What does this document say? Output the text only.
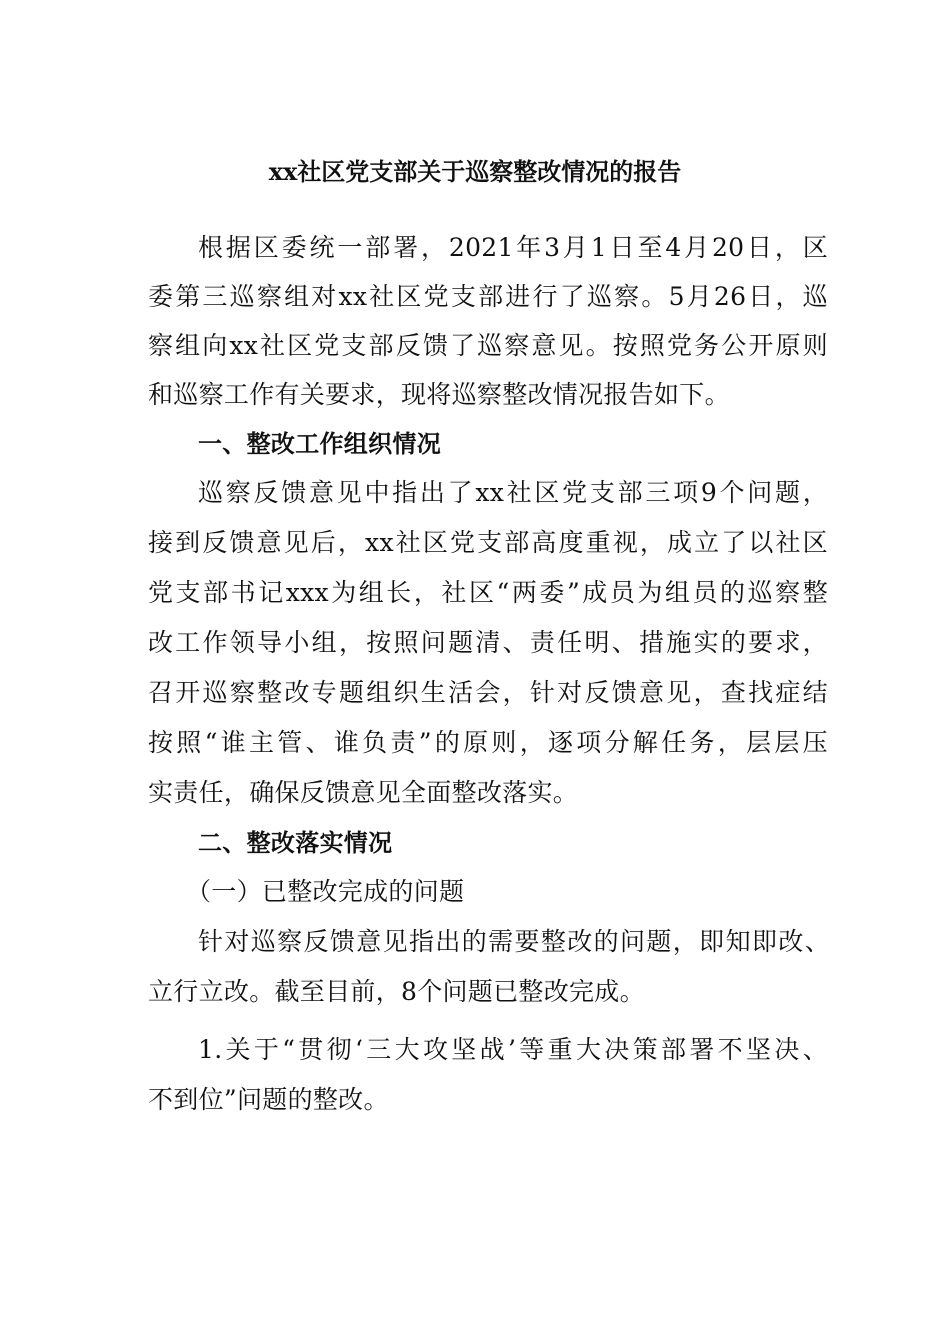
xx社区党支部关于巡察整改情况的报告
根据区委统一部署，2021年3月1日至4月20日，区
委第三巡察组对xx社区党支部进行了巡察。5月26日，巡
察组向xx社区党支部反馈了巡察意见。按照党务公开原则
和巡察工作有关要求，现将巡察整改情况报告如下。
一、整改工作组织情况
巡察反馈意见中指出了xx社区党支部三项9个问题，
接到反馈意见后，xx社区党支部高度重视，成立了以社区
党支部书记xxx为组长，社区“两委”成员为组员的巡察整
改工作领导小组，按照问题清、责任明、措施实的要求，
召开巡察整改专题组织生活会，针对反馈意见，查找症结
按照“谁主管、谁负责”的原则，逐项分解任务，层层压
实责任，确保反馈意见全面整改落实。
二、整改落实情况
（一）已整改完成的问题
针对巡察反馈意见指出的需要整改的问题，即知即改、
立行立改。截至目前，8个问题已整改完成。
1.关于“贯彻‘三大攻坚战’等重大决策部署不坚决、
不到位”问题的整改。
